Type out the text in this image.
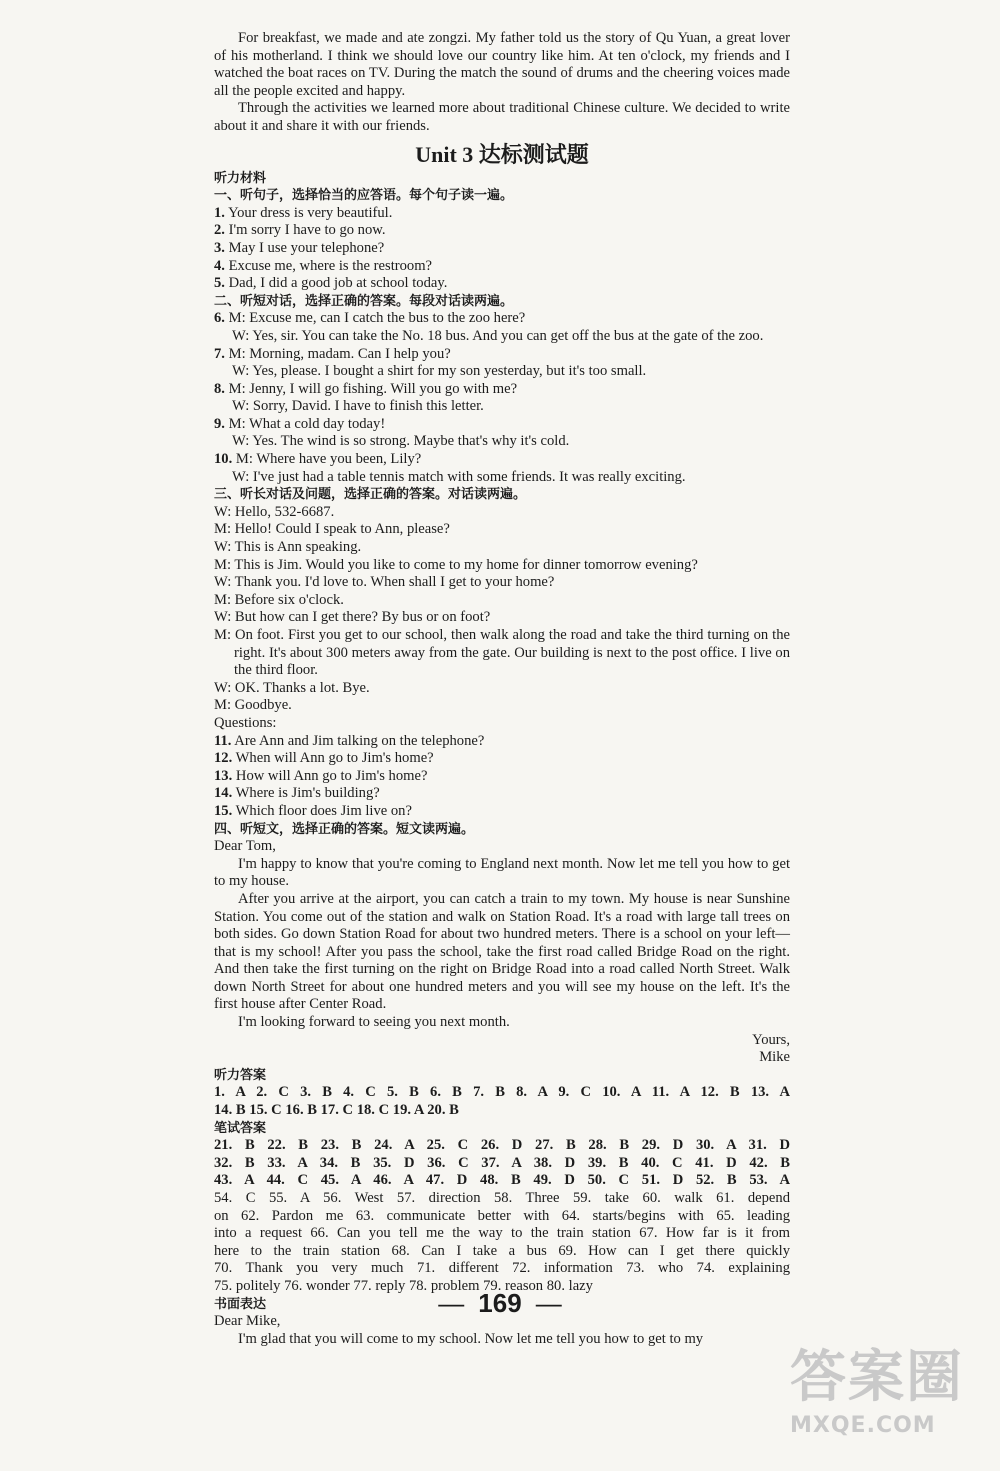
For breakfast, we made and ate zongzi. My father told us the story of Qu Yuan, a great lover of his motherland. I think we should love our country like him. At ten o'clock, my friends and I watched the boat races on TV. During the match the sound of drums and the cheering voices made all the people excited and happy.

Through the activities we learned more about traditional Chinese culture. We decided to write about it and share it with our friends.

Unit 3 达标测试题

听力材料

一、听句子，选择恰当的应答语。每个句子读一遍。

1. Your dress is very beautiful.

2. I'm sorry I have to go now.

3. May I use your telephone?

4. Excuse me, where is the restroom?

5. Dad, I did a good job at school today.

二、听短对话，选择正确的答案。每段对话读两遍。

6. M: Excuse me, can I catch the bus to the zoo here?

W: Yes, sir. You can take the No. 18 bus. And you can get off the bus at the gate of the zoo.

7. M: Morning, madam. Can I help you?

W: Yes, please. I bought a shirt for my son yesterday, but it's too small.

8. M: Jenny, I will go fishing. Will you go with me?

W: Sorry, David. I have to finish this letter.

9. M: What a cold day today!

W: Yes. The wind is so strong. Maybe that's why it's cold.

10. M: Where have you been, Lily?

W: I've just had a table tennis match with some friends. It was really exciting.

三、听长对话及问题，选择正确的答案。对话读两遍。

W: Hello, 532-6687.

M: Hello! Could I speak to Ann, please?

W: This is Ann speaking.

M: This is Jim. Would you like to come to my home for dinner tomorrow evening?

W: Thank you. I'd love to. When shall I get to your home?

M: Before six o'clock.

W: But how can I get there? By bus or on foot?

M: On foot. First you get to our school, then walk along the road and take the third turning on the right. It's about 300 meters away from the gate. Our building is next to the post office. I live on the third floor.

W: OK. Thanks a lot. Bye.

M: Goodbye.

Questions:

11. Are Ann and Jim talking on the telephone?

12. When will Ann go to Jim's home?

13. How will Ann go to Jim's home?

14. Where is Jim's building?

15. Which floor does Jim live on?

四、听短文，选择正确的答案。短文读两遍。

Dear Tom,

I'm happy to know that you're coming to England next month. Now let me tell you how to get to my house.

After you arrive at the airport, you can catch a train to my town. My house is near Sunshine Station. You come out of the station and walk on Station Road. It's a road with large tall trees on both sides. Go down Station Road for about two hundred meters. There is a school on your left—that is my school! After you pass the school, take the first road called Bridge Road on the right. And then take the first turning on the right on Bridge Road into a road called North Street. Walk down North Street for about one hundred meters and you will see my house on the left. It's the first house after Center Road.

I'm looking forward to seeing you next month.

Yours,

Mike

听力答案

1. A 2. C 3. B 4. C 5. B 6. B 7. B 8. A 9. C 10. A 11. A 12. B 13. A

14. B 15. C 16. B 17. C 18. C 19. A 20. B

笔试答案

21. B 22. B 23. B 24. A 25. C 26. D 27. B 28. B 29. D 30. A 31. D

32. B 33. A 34. B 35. D 36. C 37. A 38. D 39. B 40. C 41. D 42. B

43. A 44. C 45. A 46. A 47. D 48. B 49. D 50. C 51. D 52. B 53. A

54. C 55. A 56. West 57. direction 58. Three 59. take 60. walk 61. depend

on 62. Pardon me 63. communicate better with 64. starts/begins with 65. leading

into a request 66. Can you tell me the way to the train station 67. How far is it from

here to the train station 68. Can I take a bus 69. How can I get there quickly

70. Thank you very much 71. different 72. information 73. who 74. explaining

75. politely 76. wonder 77. reply 78. problem 79. reason 80. lazy

书面表达

Dear Mike,

I'm glad that you will come to my school. Now let me tell you how to get to my

— 169 —
答案圈
MXQE.COM
